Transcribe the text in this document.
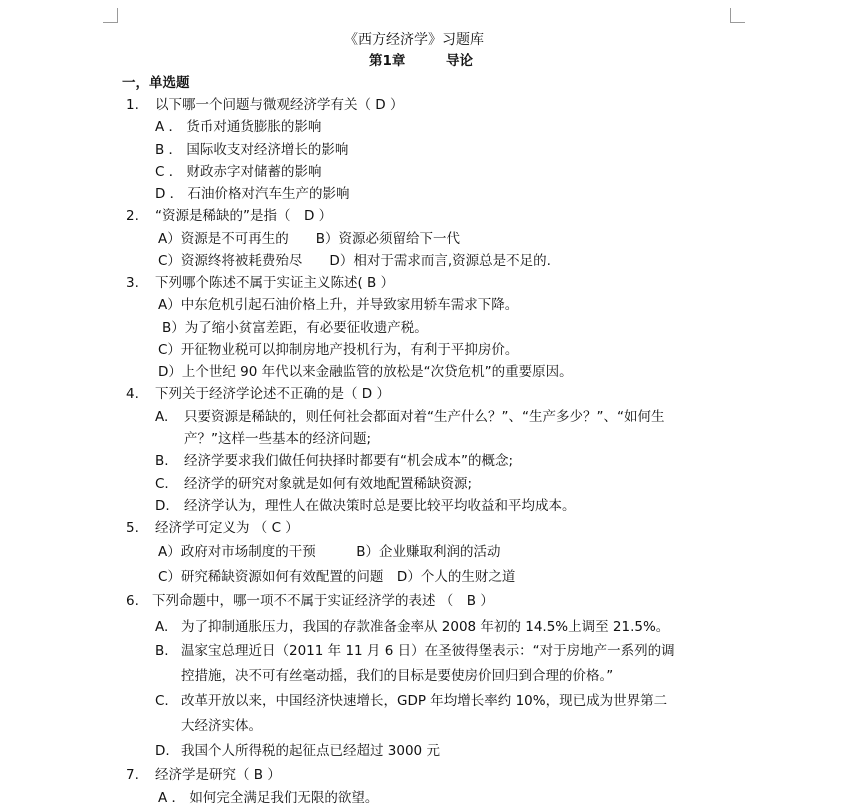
《西方经济学》习题库
第1章	导论
一，单选题
1. 以下哪一个问题与微观经济学有关（ D ）
A ． 货币对通货膨胀的影响
B ． 国际收支对经济增长的影响
C ． 财政赤字对储蓄的影响
D ． 石油价格对汽车生产的影响
2. “资源是稀缺的”是指（　D ）
A）资源是不可再生的　　B）资源必须留给下一代
C）资源终将被耗费殆尽　　D）相对于需求而言,资源总是不足的.
3. 下列哪个陈述不属于实证主义陈述( B ）
A）中东危机引起石油价格上升，并导致家用轿车需求下降。
B）为了缩小贫富差距，有必要征收遗产税。
C）开征物业税可以抑制房地产投机行为，有利于平抑房价。
D）上个世纪 90 年代以来金融监管的放松是“次贷危机”的重要原因。
4. 下列关于经济学论述不正确的是（ D ）
A. 只要资源是稀缺的，则任何社会都面对着“生产什么？”、“生产多少？”、“如何生
产？”这样一些基本的经济问题;
B. 经济学要求我们做任何抉择时都要有“机会成本”的概念;
C. 经济学的研究对象就是如何有效地配置稀缺资源;
D. 经济学认为，理性人在做决策时总是要比较平均收益和平均成本。
5. 经济学可定义为 （ C ）
A）政府对市场制度的干预　　　B）企业赚取利润的活动
C）研究稀缺资源如何有效配置的问题　D）个人的生财之道
6. 下列命题中，哪一项不不属于实证经济学的表述 （　B ）
A. 为了抑制通胀压力，我国的存款准备金率从 2008 年初的 14.5%上调至 21.5%。
B. 温家宝总理近日（2011 年 11 月 6 日）在圣彼得堡表示：“对于房地产一系列的调
控措施，决不可有丝毫动摇，我们的目标是要使房价回归到合理的价格。”
C. 改革开放以来，中国经济快速增长，GDP 年均增长率约 10%，现已成为世界第二
大经济实体。
D. 我国个人所得税的起征点已经超过 3000 元
7. 经济学是研究（ B ）
A ． 如何完全满足我们无限的欲望。
